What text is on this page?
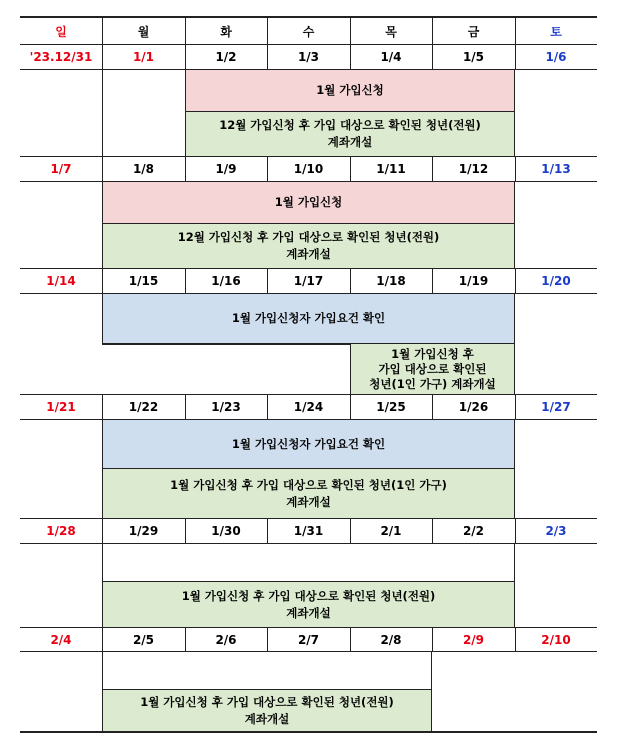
일	월	화	수	목	금	토
'23.12/31	1/1	1/2	1/3	1/4	1/5	1/6
1월 가입신청
12월 가입신청 후 가입 대상으로 확인된 청년(전원)
계좌개설
1/7	1/8	1/9	1/10	1/11	1/12	1/13
1월 가입신청
12월 가입신청 후 가입 대상으로 확인된 청년(전원)
계좌개설
1/14	1/15	1/16	1/17	1/18	1/19	1/20
1월 가입신청자 가입요건 확인
1월 가입신청 후
가입 대상으로 확인된
청년(1인 가구) 계좌개설
1/21	1/22	1/23	1/24	1/25	1/26	1/27
1월 가입신청자 가입요건 확인
1월 가입신청 후 가입 대상으로 확인된 청년(1인 가구)
계좌개설
1/28	1/29	1/30	1/31	2/1	2/2	2/3
1월 가입신청 후 가입 대상으로 확인된 청년(전원)
계좌개설
2/4	2/5	2/6	2/7	2/8	2/9	2/10
1월 가입신청 후 가입 대상으로 확인된 청년(전원)
계좌개설
